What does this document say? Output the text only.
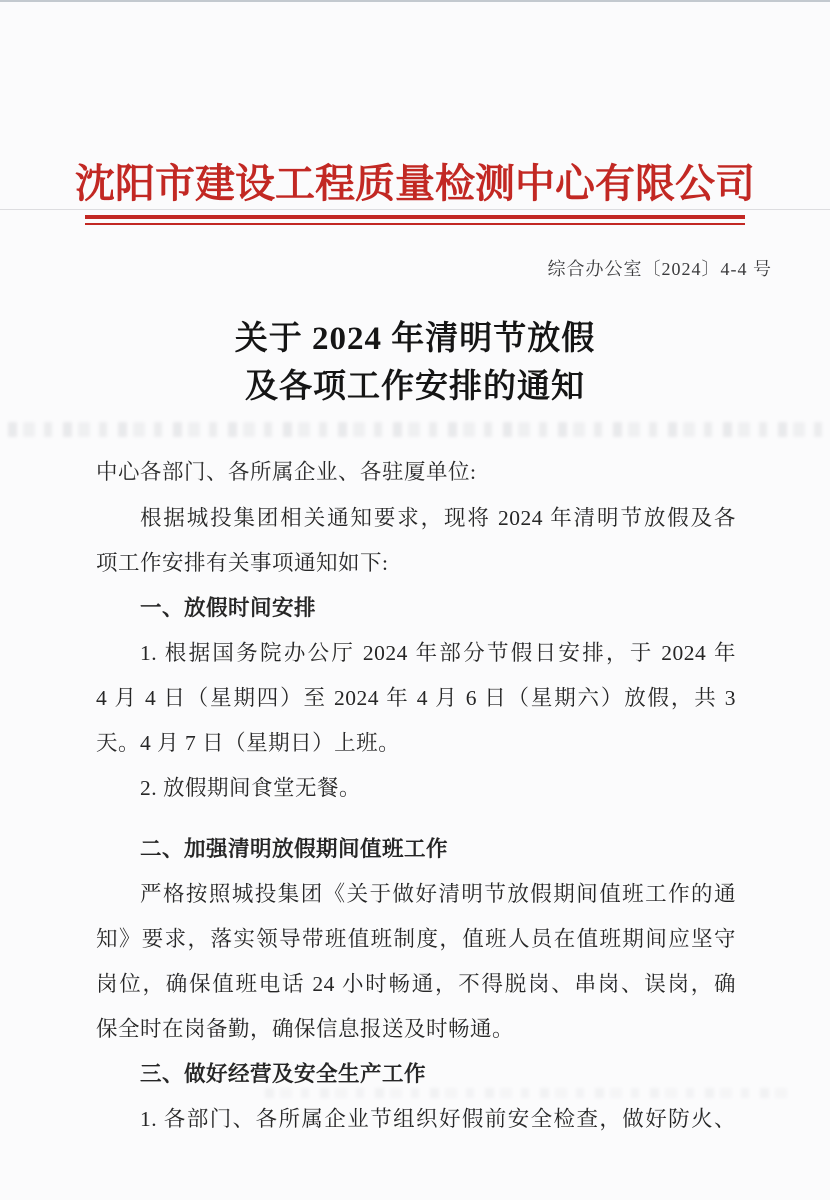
沈阳市建设工程质量检测中心有限公司
综合办公室〔2024〕4-4 号
关于 2024 年清明节放假
及各项工作安排的通知

中心各部门、各所属企业、各驻厦单位:

根据城投集团相关通知要求，现将 2024 年清明节放假及各

项工作安排有关事项通知如下:

一、放假时间安排

1. 根据国务院办公厅 2024 年部分节假日安排，于 2024 年

4 月 4 日（星期四）至 2024 年 4 月 6 日（星期六）放假，共 3

天。4 月 7 日（星期日）上班。

2. 放假期间食堂无餐。

二、加强清明放假期间值班工作

严格按照城投集团《关于做好清明节放假期间值班工作的通

知》要求，落实领导带班值班制度，值班人员在值班期间应坚守

岗位，确保值班电话 24 小时畅通，不得脱岗、串岗、误岗，确

保全时在岗备勤，确保信息报送及时畅通。

三、做好经营及安全生产工作

1. 各部门、各所属企业节组织好假前安全检查，做好防火、
